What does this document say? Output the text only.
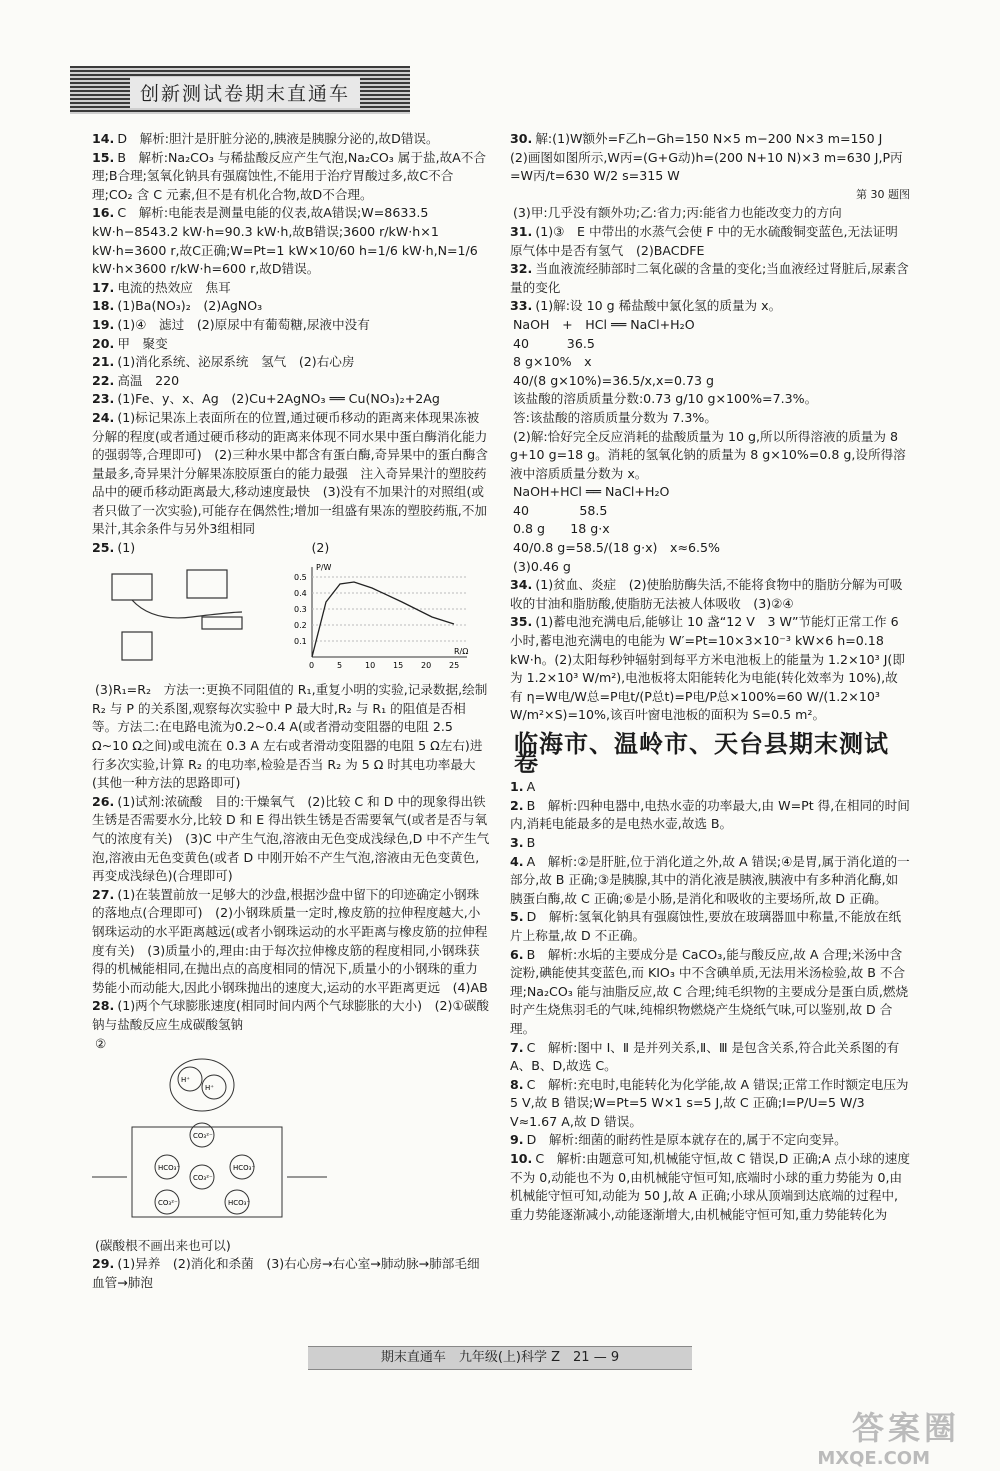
创新测试卷期末直通车

14. D　解析:胆汁是肝脏分泌的,胰液是胰腺分泌的,故D错误。

15. B　解析:Na₂CO₃ 与稀盐酸反应产生气泡,Na₂CO₃ 属于盐,故A不合理;B合理;氢氧化钠具有强腐蚀性,不能用于治疗胃酸过多,故C不合理;CO₂ 含 C 元素,但不是有机化合物,故D不合理。

16. C　解析:电能表是测量电能的仪表,故A错误;W=8633.5 kW·h−8543.2 kW·h=90.3 kW·h,故B错误;3600 r/kW·h×1 kW·h=3600 r,故C正确;W=Pt=1 kW×10/60 h=1/6 kW·h,N=1/6 kW·h×3600 r/kW·h=600 r,故D错误。

17. 电流的热效应　焦耳

18. (1)Ba(NO₃)₂　(2)AgNO₃

19. (1)④　滤过　(2)原尿中有葡萄糖,尿液中没有

20. 甲　聚变

21. (1)消化系统、泌尿系统　氢气　(2)右心房

22. 高温　220

23. (1)Fe、y、x、Ag　(2)Cu+2AgNO₃ ══ Cu(NO₃)₂+2Ag

24. (1)标记果冻上表面所在的位置,通过硬币移动的距离来体现果冻被分解的程度(或者通过硬币移动的距离来体现不同水果中蛋白酶消化能力的强弱等,合理即可)　(2)三种水果中都含有蛋白酶,奇异果中的蛋白酶含量最多,奇异果汁分解果冻胶原蛋白的能力最强　注入奇异果汁的塑胶药品中的硬币移动距离最大,移动速度最快　(3)没有不加果汁的对照组(或者只做了一次实验),可能存在偶然性;增加一组盛有果冻的塑胶药瓶,不加果汁,其余条件与另外3组相同

25. (1)　　　　　　　　　　　　　　(2)

0.5
0.4
0.3
0.2
0.1
0	5	10 15 20 25
P/W
R/Ω

(3)R₁=R₂　方法一:更换不同阻值的 R₁,重复小明的实验,记录数据,绘制 R₂ 与 P 的关系图,观察每次实验中 P 最大时,R₂ 与 R₁ 的阻值是否相等。方法二:在电路电流为0.2~0.4 A(或者滑动变阻器的电阻 2.5 Ω~10 Ω之间)或电流在 0.3 A 左右或者滑动变阻器的电阻 5 Ω左右)进行多次实验,计算 R₂ 的电功率,检验是否当 R₂ 为 5 Ω 时其电功率最大(其他一种方法的思路即可)

26. (1)试剂:浓硫酸　目的:干燥氧气　(2)比较 C 和 D 中的现象得出铁生锈是否需要水分,比较 D 和 E 得出铁生锈是否需要氧气(或者是否与氧气的浓度有关)　(3)C 中产生气泡,溶液由无色变成浅绿色,D 中不产生气泡,溶液由无色变黄色(或者 D 中刚开始不产生气泡,溶液由无色变黄色,再变成浅绿色)(合理即可)

27. (1)在装置前放一足够大的沙盘,根据沙盘中留下的印迹确定小钢珠的落地点(合理即可)　(2)小钢珠质量一定时,橡皮筋的拉伸程度越大,小钢珠运动的水平距离越远(或者小钢珠运动的水平距离与橡皮筋的拉伸程度有关)　(3)质量小的,理由:由于每次拉伸橡皮筋的程度相同,小钢珠获得的机械能相同,在抛出点的高度相同的情况下,质量小的小钢珠的重力势能小而动能大,因此小钢珠抛出的速度大,运动的水平距离更远　(4)AB

28. (1)两个气球膨胀速度(相同时间内两个气球膨胀的大小)　(2)①碳酸钠与盐酸反应生成碳酸氢钠

②

H⁺
H⁺
CO₃²⁻
HCO₃⁻	HCO₃⁻
CO₃²⁻
CO₃²⁻	HCO₃⁻

(碳酸根不画出来也可以)

29. (1)异养　(2)消化和杀菌　(3)右心房→右心室→肺动脉→肺部毛细血管→肺泡

30. 解:(1)W额外=F乙h−Gh=150 N×5 m−200 N×3 m=150 J　(2)画图如图所示,W丙=(G+G动)h=(200 N+10 N)×3 m=630 J,P丙=W丙/t=630 W/2 s=315 W

第 30 题图

(3)甲:几乎没有额外功;乙:省力;丙:能省力也能改变力的方向

31. (1)③　E 中带出的水蒸气会使 F 中的无水硫酸铜变蓝色,无法证明原气体中是否有氢气　(2)BACDFE

32. 当血液流经肺部时二氧化碳的含量的变化;当血液经过肾脏后,尿素含量的变化

33. (1)解:设 10 g 稀盐酸中氯化氢的质量为 x。

NaOH　+　HCl ══ NaCl+H₂O

40　　　36.5

8 g×10%　x

40/(8 g×10%)=36.5/x,x=0.73 g

该盐酸的溶质质量分数:0.73 g/10 g×100%=7.3%。

答:该盐酸的溶质质量分数为 7.3%。

(2)解:恰好完全反应消耗的盐酸质量为 10 g,所以所得溶液的质量为 8 g+10 g=18 g。消耗的氢氧化钠的质量为 8 g×10%=0.8 g,设所得溶液中溶质质量分数为 x。

NaOH+HCl ══ NaCl+H₂O

40　　　　58.5

0.8 g　　18 g·x

40/0.8 g=58.5/(18 g·x)　x≈6.5%

(3)0.46 g

34. (1)贫血、炎症　(2)使胎肪酶失活,不能将食物中的脂肪分解为可吸收的甘油和脂肪酸,使脂肪无法被人体吸收　(3)②④

35. (1)蓄电池充满电后,能够让 10 盏“12 V　3 W”节能灯正常工作 6 小时,蓄电池充满电的电能为 W′=Pt=10×3×10⁻³ kW×6 h=0.18 kW·h。(2)太阳每秒钟辐射到每平方米电池板上的能量为 1.2×10³ J(即为 1.2×10³ W/m²),电池板将太阳能转化为电能(转化效率为 10%),故有 η=W电/W总=P电t/(P总t)=P电/P总×100%=60 W/(1.2×10³ W/m²×S)=10%,该百叶窗电池板的面积为 S=0.5 m²。

临海市、温岭市、天台县期末测试卷

1. A

2. B　解析:四种电器中,电热水壶的功率最大,由 W=Pt 得,在相同的时间内,消耗电能最多的是电热水壶,故选 B。

3. B

4. A　解析:②是肝脏,位于消化道之外,故 A 错误;④是胃,属于消化道的一部分,故 B 正确;③是胰腺,其中的消化液是胰液,胰液中有多种消化酶,如胰蛋白酶,故 C 正确;⑥是小肠,是消化和吸收的主要场所,故 D 正确。

5. D　解析:氢氧化钠具有强腐蚀性,要放在玻璃器皿中称量,不能放在纸片上称量,故 D 不正确。

6. B　解析:水垢的主要成分是 CaCO₃,能与酸反应,故 A 合理;米汤中含淀粉,碘能使其变蓝色,而 KIO₃ 中不含碘单质,无法用米汤检验,故 B 不合理;Na₂CO₃ 能与油脂反应,故 C 合理;纯毛织物的主要成分是蛋白质,燃烧时产生烧焦羽毛的气味,纯棉织物燃烧产生烧纸气味,可以鉴别,故 D 合理。

7. C　解析:图中 Ⅰ、Ⅱ 是并列关系,Ⅱ、Ⅲ 是包含关系,符合此关系图的有 A、B、D,故选 C。

8. C　解析:充电时,电能转化为化学能,故 A 错误;正常工作时额定电压为 5 V,故 B 错误;W=Pt=5 W×1 s=5 J,故 C 正确;I=P/U=5 W/3 V≈1.67 A,故 D 错误。

9. D　解析:细菌的耐药性是原本就存在的,属于不定向变异。

10. C　解析:由题意可知,机械能守恒,故 C 错误,D 正确;A 点小球的速度不为 0,动能也不为 0,由机械能守恒可知,底端时小球的重力势能为 0,由机械能守恒可知,动能为 50 J,故 A 正确;小球从顶端到达底端的过程中,重力势能逐渐减小,动能逐渐增大,由机械能守恒可知,重力势能转化为

期末直通车　九年级(上)科学 Z　21 — 9
答案圈
MXQE.COM
